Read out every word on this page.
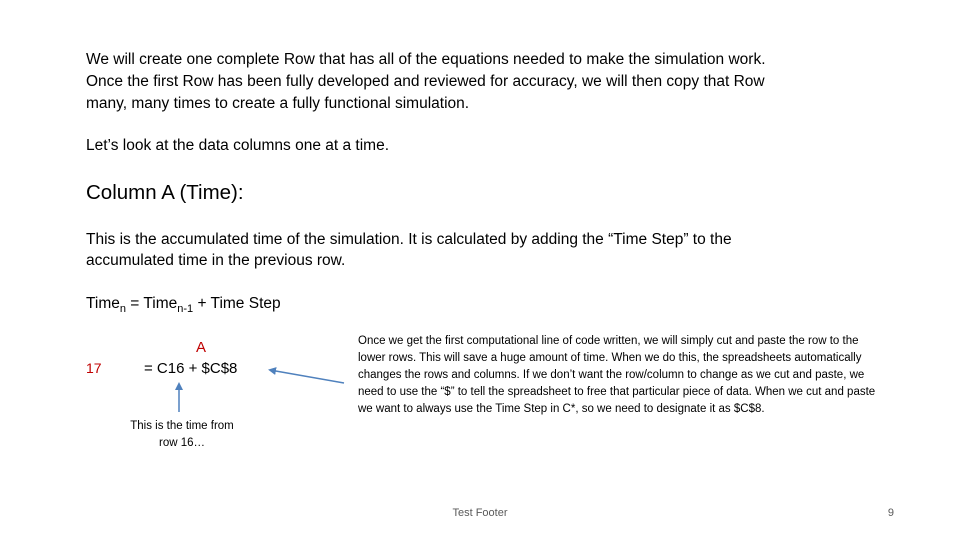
We will create one complete Row that has all of the equations needed to make the simulation work. Once the first Row has been fully developed and reviewed for accuracy, we will then copy that Row many, many times to create a fully functional simulation.

Let’s look at the data columns one at a time.

Column A (Time):

This is the accumulated time of the simulation. It is calculated by adding the “Time Step” to the accumulated time in the previous row.

Time$_n$ = Time$_{n-1}$ + Time Step

17
A
= C16 + $C$8
This is the time from row 16…
Once we get the first computational line of code written, we will simply cut and paste the row to the lower rows. This will save a huge amount of time. When we do this, the spreadsheets automatically changes the rows and columns. If we don’t want the row/column to change as we cut and paste, we need to use the “$” to tell the spreadsheet to free that particular piece of data. When we cut and paste we want to always use the Time Step in C*, so we need to designate it as $C$8.
Test Footer	9
